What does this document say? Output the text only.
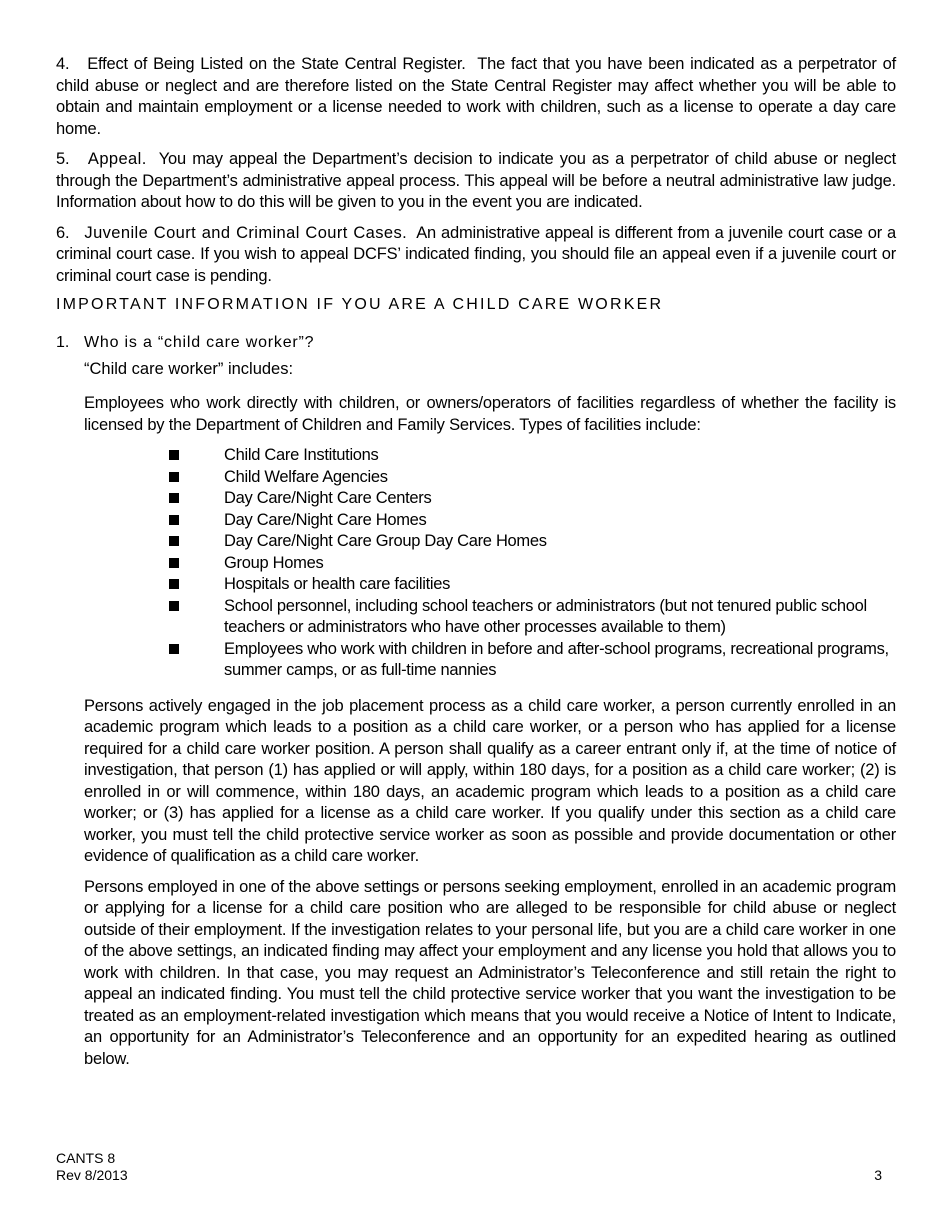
4. Effect of Being Listed on the State Central Register. The fact that you have been indicated as a perpetrator of child abuse or neglect and are therefore listed on the State Central Register may affect whether you will be able to obtain and maintain employment or a license needed to work with children, such as a license to operate a day care home.

5. Appeal. You may appeal the Department’s decision to indicate you as a perpetrator of child abuse or neglect through the Department’s administrative appeal process. This appeal will be before a neutral administrative law judge. Information about how to do this will be given to you in the event you are indicated.

6. Juvenile Court and Criminal Court Cases. An administrative appeal is different from a juvenile court case or a criminal court case. If you wish to appeal DCFS’ indicated finding, you should file an appeal even if a juvenile court or criminal court case is pending.

IMPORTANT INFORMATION IF YOU ARE A CHILD CARE WORKER
1. Who is a “child care worker”?
“Child care worker” includes:

Employees who work directly with children, or owners/operators of facilities regardless of whether the facility is licensed by the Department of Children and Family Services. Types of facilities include:

Child Care Institutions
Child Welfare Agencies
Day Care/Night Care Centers
Day Care/Night Care Homes
Day Care/Night Care Group Day Care Homes
Group Homes
Hospitals or health care facilities
School personnel, including school teachers or administrators (but not tenured public school teachers or administrators who have other processes available to them)
Employees who work with children in before and after-school programs, recreational programs, summer camps, or as full-time nannies

Persons actively engaged in the job placement process as a child care worker, a person currently enrolled in an academic program which leads to a position as a child care worker, or a person who has applied for a license required for a child care worker position. A person shall qualify as a career entrant only if, at the time of notice of investigation, that person (1) has applied or will apply, within 180 days, for a position as a child care worker; (2) is enrolled in or will commence, within 180 days, an academic program which leads to a position as a child care worker; or (3) has applied for a license as a child care worker. If you qualify under this section as a child care worker, you must tell the child protective service worker as soon as possible and provide documentation or other evidence of qualification as a child care worker.

Persons employed in one of the above settings or persons seeking employment, enrolled in an academic program or applying for a license for a child care position who are alleged to be responsible for child abuse or neglect outside of their employment. If the investigation relates to your personal life, but you are a child care worker in one of the above settings, an indicated finding may affect your employment and any license you hold that allows you to work with children. In that case, you may request an Administrator’s Teleconference and still retain the right to appeal an indicated finding. You must tell the child protective service worker that you want the investigation to be treated as an employment-related investigation which means that you would receive a Notice of Intent to Indicate, an opportunity for an Administrator’s Teleconference and an opportunity for an expedited hearing as outlined below.

CANTS 8
Rev 8/2013	3
